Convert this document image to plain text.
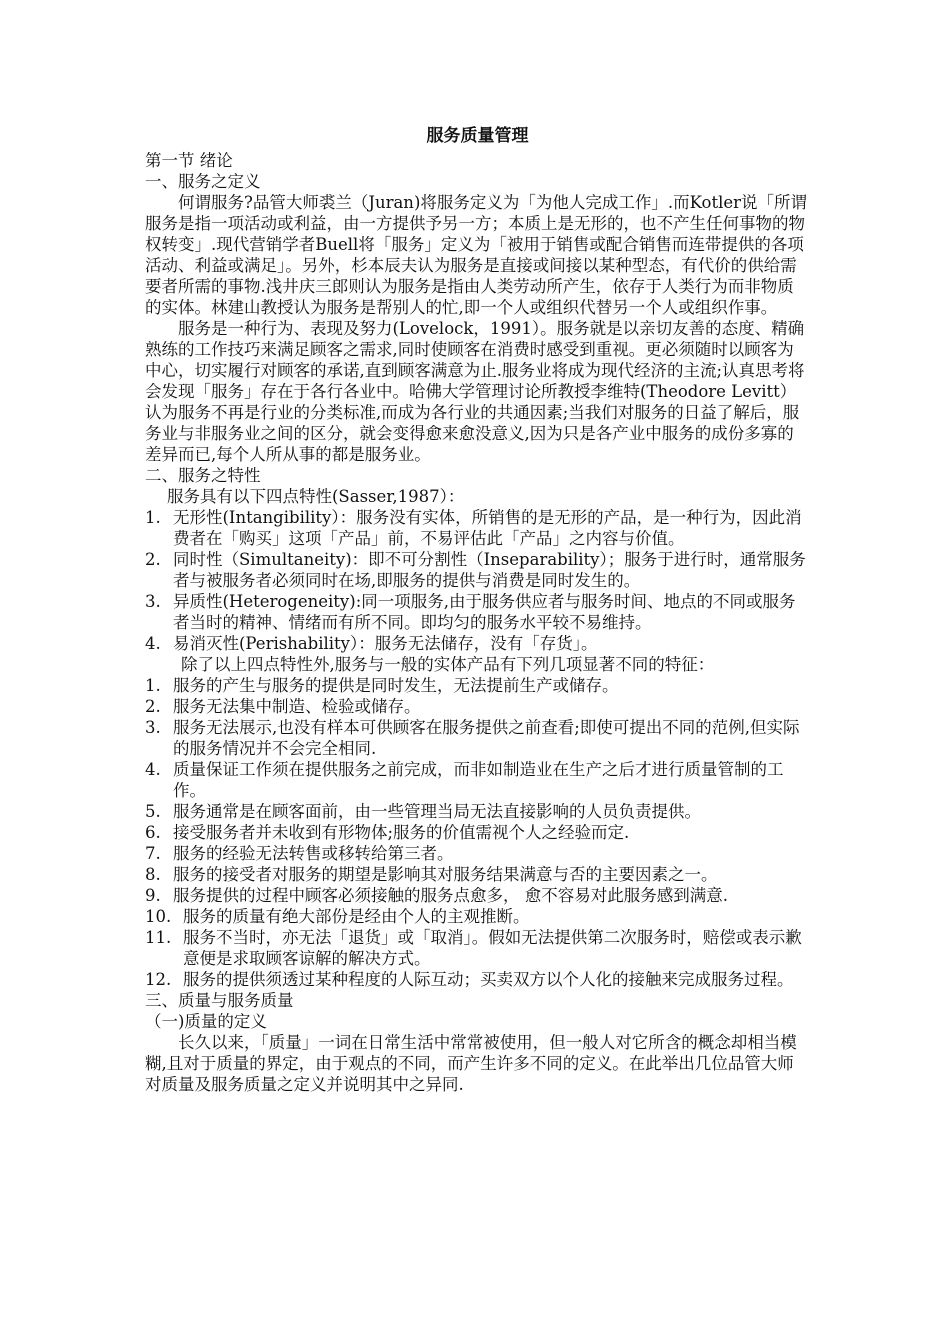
服务质量管理

第一节 绪论

一、服务之定义

何谓服务?品管大师裘兰（Juran)将服务定义为「为他人完成工作」.而Kotler说「所谓服务是指一项活动或利益，由一方提供予另一方；本质上是无形的，也不产生任何事物的物权转变」.现代营销学者Buell将「服务」定义为「被用于销售或配合销售而连带提供的各项活动、利益或满足」。另外，杉本辰夫认为服务是直接或间接以某种型态，有代价的供给需要者所需的事物.浅井庆三郎则认为服务是指由人类劳动所产生，依存于人类行为而非物质的实体。林建山教授认为服务是帮别人的忙,即一个人或组织代替另一个人或组织作事。

服务是一种行为、表现及努力(Lovelock，1991）。服务就是以亲切友善的态度、精确熟练的工作技巧来满足顾客之需求,同时使顾客在消费时感受到重视。更必须随时以顾客为中心，切实履行对顾客的承诺,直到顾客满意为止.服务业将成为现代经济的主流;认真思考将会发现「服务」存在于各行各业中。哈佛大学管理讨论所教授李维特(Theodore Levitt）认为服务不再是行业的分类标准,而成为各行业的共通因素;当我们对服务的日益了解后，服务业与非服务业之间的区分，就会变得愈来愈没意义,因为只是各产业中服务的成份多寡的差异而已,每个人所从事的都是服务业。

二、服务之特性

服务具有以下四点特性(Sasser,1987）：

1. 无形性(Intangibility）：服务没有实体，所销售的是无形的产品，是一种行为，因此消费者在「购买」这项「产品」前，不易评估此「产品」之内容与价值。
2. 同时性（Simultaneity)：即不可分割性（Inseparability）；服务于进行时，通常服务者与被服务者必须同时在场,即服务的提供与消费是同时发生的。
3. 异质性(Heterogeneity):同一项服务,由于服务供应者与服务时间、地点的不同或服务者当时的精神、情绪而有所不同。即均匀的服务水平较不易维持。
4. 易消灭性(Perishability）：服务无法储存，没有「存货」。

除了以上四点特性外,服务与一般的实体产品有下列几项显著不同的特征：

1. 服务的产生与服务的提供是同时发生，无法提前生产或储存。
2. 服务无法集中制造、检验或储存。
3. 服务无法展示,也没有样本可供顾客在服务提供之前查看;即使可提出不同的范例,但实际的服务情况并不会完全相同.
4. 质量保证工作须在提供服务之前完成，而非如制造业在生产之后才进行质量管制的工作。
5. 服务通常是在顾客面前，由一些管理当局无法直接影响的人员负责提供。
6. 接受服务者并未收到有形物体;服务的价值需视个人之经验而定.
7. 服务的经验无法转售或移转给第三者。
8. 服务的接受者对服务的期望是影响其对服务结果满意与否的主要因素之一。
9. 服务提供的过程中顾客必须接触的服务点愈多， 愈不容易对此服务感到满意.
10. 服务的质量有绝大部份是经由个人的主观推断。
11. 服务不当时，亦无法「退货」或「取消」。假如无法提供第二次服务时，赔偿或表示歉意便是求取顾客谅解的解决方式。
12. 服务的提供须透过某种程度的人际互动；买卖双方以个人化的接触来完成服务过程。

三、质量与服务质量

（一)质量的定义

长久以来，「质量」一词在日常生活中常常被使用，但一般人对它所含的概念却相当模糊,且对于质量的界定，由于观点的不同，而产生许多不同的定义。在此举出几位品管大师对质量及服务质量之定义并说明其中之异同.
